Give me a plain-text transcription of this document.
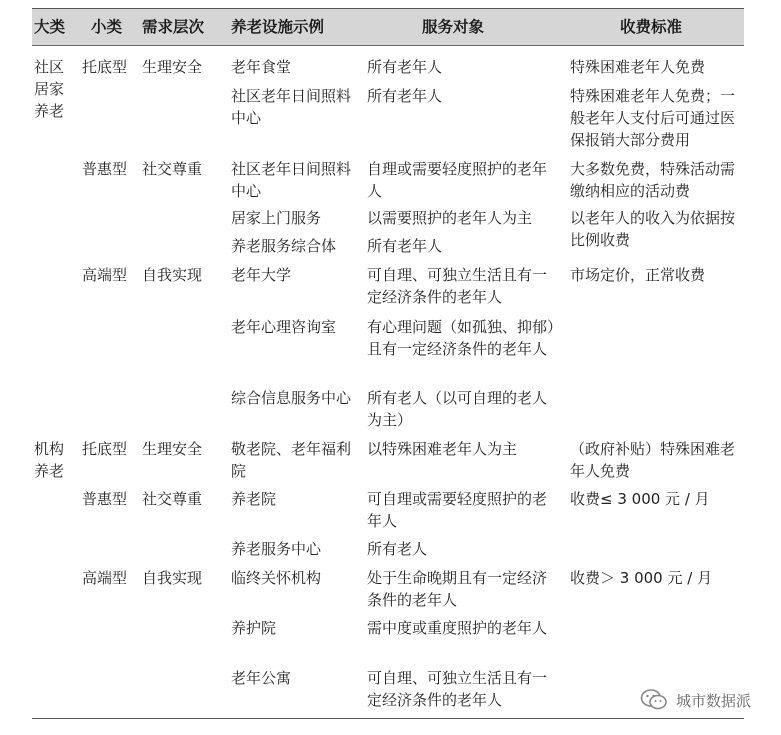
大类 小类 需求层次 养老设施示例	服务对象	收费标准
社区居家养老
机构养老
托底型
普惠型
高端型
托底型
普惠型
高端型
生理安全
社交尊重
自我实现
生理安全
社交尊重
自我实现
老年食堂
社区老年日间照料中心
社区老年日间照料中心
居家上门服务
养老服务综合体
老年大学
老年心理咨询室
综合信息服务中心
敬老院、老年福利院
养老院
养老服务中心
临终关怀机构
养护院
老年公寓
所有老年人
所有老年人
自理或需要轻度照护的老年人
以需要照护的老年人为主
所有老年人
可自理、可独立生活且有一定经济条件的老年人
有心理问题（如孤独、抑郁）且有一定经济条件的老年人
所有老人（以可自理的老人为主）
以特殊困难老年人为主
可自理或需要轻度照护的老年人
所有老人
处于生命晚期且有一定经济条件的老年人
需中度或重度照护的老年人
可自理、可独立生活且有一定经济条件的老年人
特殊困难老年人免费
特殊困难老年人免费；一般老年人支付后可通过医保报销大部分费用
大多数免费，特殊活动需缴纳相应的活动费
以老年人的收入为依据按比例收费
市场定价，正常收费
（政府补贴）特殊困难老年人免费
收费≤ 3 000 元 / 月
收费＞ 3 000 元 / 月
城市数据派
